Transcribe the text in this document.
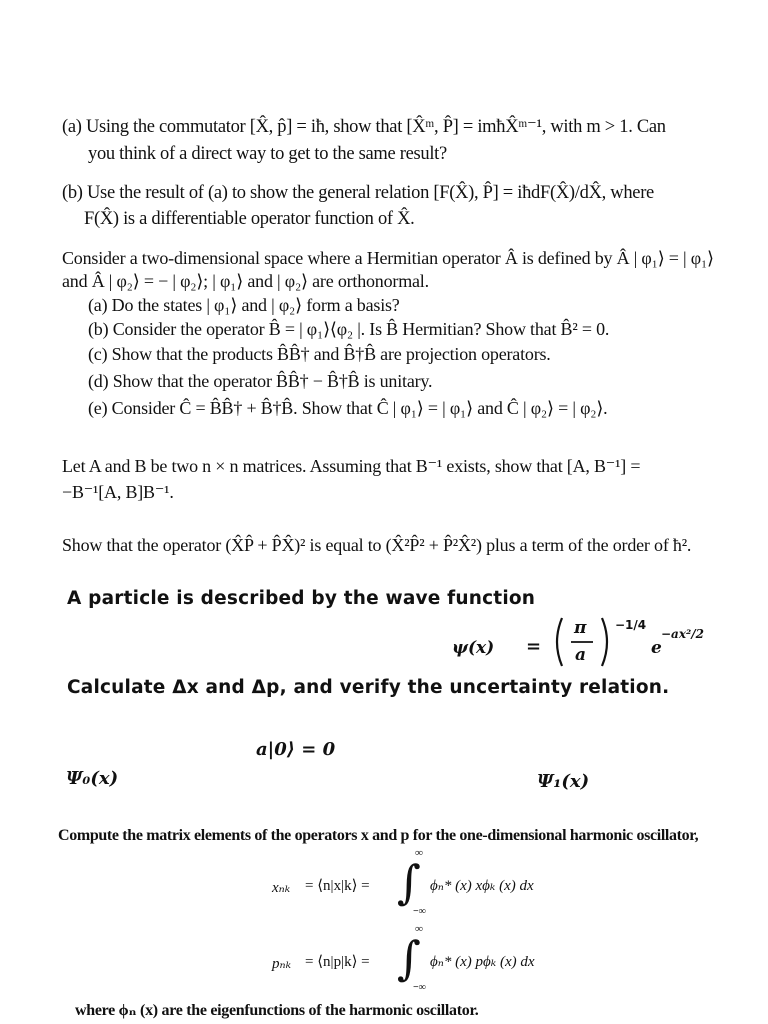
(a) Using the commutator [X̂, p̂] = iħ, show that [X̂ᵐ, P̂] = imħX̂ᵐ⁻¹, with m > 1. Can
you think of a direct way to get to the same result?
(b) Use the result of (a) to show the general relation [F(X̂), P̂] = iħdF(X̂)/dX̂, where
F(X̂) is a differentiable operator function of X̂.
Consider a two-dimensional space where a Hermitian operator Â is defined by Â | φ₁⟩ = | φ₁⟩
and Â | φ₂⟩ = − | φ₂⟩; | φ₁⟩ and | φ₂⟩ are orthonormal.
(a) Do the states | φ₁⟩ and | φ₂⟩ form a basis?
(b) Consider the operator B̂ = | φ₁⟩⟨φ₂ |. Is B̂ Hermitian? Show that B̂² = 0.
(c) Show that the products B̂B̂† and B̂†B̂ are projection operators.
(d) Show that the operator B̂B̂† − B̂†B̂ is unitary.
(e) Consider Ĉ = B̂B̂† + B̂†B̂. Show that Ĉ | φ₁⟩ = | φ₁⟩ and Ĉ | φ₂⟩ = | φ₂⟩.
Let A and B be two n × n matrices. Assuming that B⁻¹ exists, show that [A, B⁻¹] =
−B⁻¹[A, B]B⁻¹.
Show that the operator (X̂P̂ + P̂X̂)² is equal to (X̂²P̂² + P̂²X̂²) plus a term of the order of ħ².
A particle is described by the wave function
ψ(x) =
π
a
−1/4
e
−ax²/2
Calculate Δx and Δp, and verify the uncertainty relation.
a|0⟩ = 0
Ψ₀(x)	Ψ₁(x)
Compute the matrix elements of the operators x and p for the one-dimensional harmonic oscillator,
xₙₖ = ⟨n|x|k⟩ =
∞
∫
−∞
ϕₙ* (x) xϕₖ (x) dx
pₙₖ = ⟨n|p|k⟩ =
∞
∫
−∞
ϕₙ* (x) pϕₖ (x) dx
where ϕₙ (x) are the eigenfunctions of the harmonic oscillator.
